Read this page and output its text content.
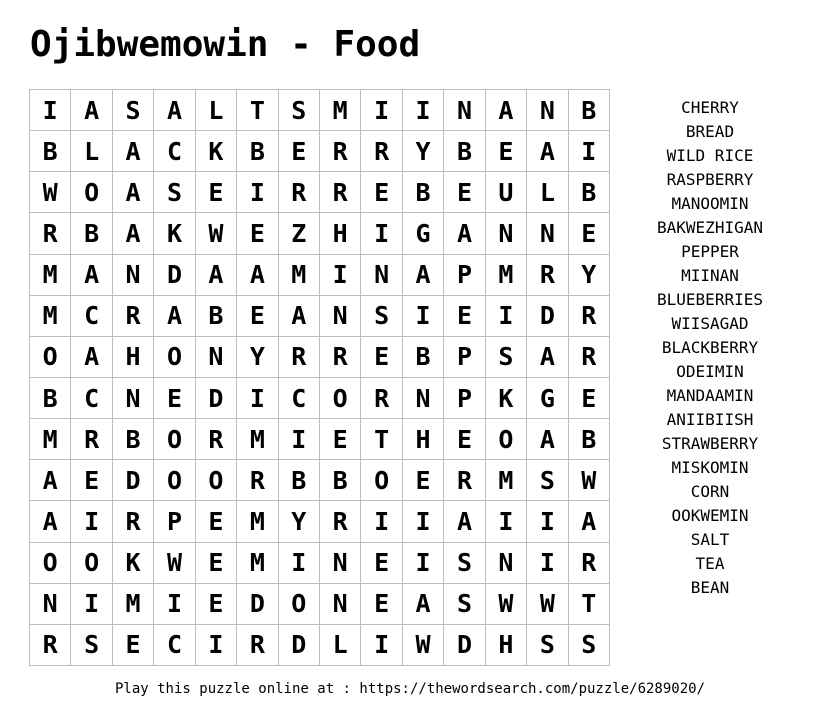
Ojibwemowin - Food
I	A	S	A	L	T	S	M	I	I	N	A	N	B
B	L	A	C	K	B	E	R	R	Y	B	E	A	I
W	O	A	S	E	I	R	R	E	B	E	U	L	B
R	B	A	K	W	E	Z	H	I	G	A	N	N	E
M	A	N	D	A	A	M	I	N	A	P	M	R	Y
M	C	R	A	B	E	A	N	S	I	E	I	D	R
O	A	H	O	N	Y	R	R	E	B	P	S	A	R
B	C	N	E	D	I	C	O	R	N	P	K	G	E
M	R	B	O	R	M	I	E	T	H	E	O	A	B
A	E	D	O	O	R	B	B	O	E	R	M	S	W
A	I	R	P	E	M	Y	R	I	I	A	I	I	A
O	O	K	W	E	M	I	N	E	I	S	N	I	R
N	I	M	I	E	D	O	N	E	A	S	W	W	T
R	S	E	C	I	R	D	L	I	W	D	H	S	S
CHERRY
BREAD
WILD RICE
RASPBERRY
MANOOMIN
BAKWEZHIGAN
PEPPER
MIINAN
BLUEBERRIES
WIISAGAD
BLACKBERRY
ODEIMIN
MANDAAMIN
ANIIBIISH
STRAWBERRY
MISKOMIN
CORN
OOKWEMIN
SALT
TEA
BEAN
Play this puzzle online at : https://thewordsearch.com/puzzle/6289020/
